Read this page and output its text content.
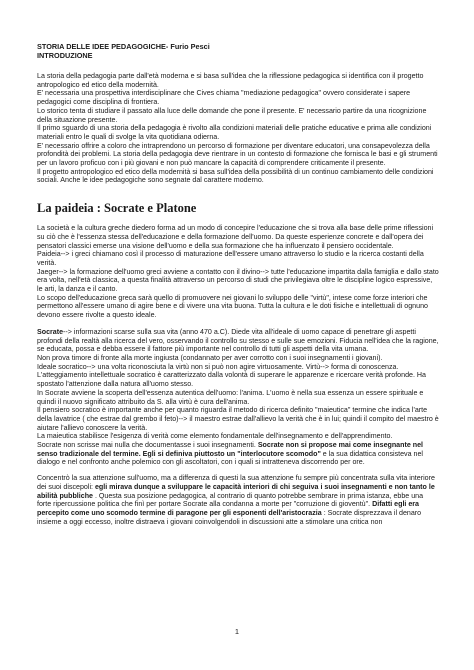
STORIA DELLE IDEE PEDAGOGICHE- Furio Pesci

INTRODUZIONE

La storia della pedagogia parte dall'età moderna e si basa sull'idea che la riflessione pedagogica si identifica con il progetto antropologico ed etico della modernità.

E' necessaria una prospettiva interdisciplinare che Cives chiama "mediazione pedagogica" ovvero considerate i sapere pedagogici come disciplina di frontiera.

Lo storico tenta di studiare il passato alla luce delle domande che pone il presente. E' necessario partire da una ricognizione della situazione presente.

Il primo sguardo di una storia della pedagogia è rivolto alla condizioni materiali delle pratiche educative e prima alle condizioni materiali entro le quali di svolge la vita quotidiana odierna.

E' necessario offrire a coloro che intraprendono un percorso di formazione per diventare educatori, una consapevolezza della profondità dei problemi. La storia della pedagogia deve rientrare in un contesto di formazione che fornisca le basi e gli strumenti per un lavoro proficuo con i più giovani e non può mancare la capacità di comprendere criticamente il presente.

Il progetto antropologico ed etico della modernità si basa sull'idea della possibilità di un continuo cambiamento delle condizioni sociali. Anche le idee pedagogiche sono segnate dal carattere moderno.

La paideia : Socrate e Platone

La società e la cultura greche diedero forma ad un modo di concepire l'educazione che si trova alla base delle prime riflessioni su ciò che è l'essenza stessa dell'educazione e della formazione dell'uomo. Da queste esperienze concrete e dall'opera dei pensatori classici emerse una visione dell'uomo e della sua formazione che ha influenzato il pensiero occidentale.

Paideia--> i greci chiamano così il processo di maturazione dell'essere umano attraverso lo studio e la ricerca costanti della verità.

Jaeger--> la formazione dell'uomo greci avviene a contatto con il divino--> tutte l'educazione impartita dalla famiglia e dallo stato era volta, nell'età classica, a questa finalità attraverso un percorso di studi che privilegiava oltre le discipline logico espressive, le arti, la danza e il canto.

Lo scopo dell'educazione greca sarà quello di promuovere nei giovani lo sviluppo delle "virtù", intese come forze interiori che permettono all'essere umano di agire bene e di vivere una vita buona. Tutta la cultura e le doti fisiche e intellettuali di ognuno devono essere rivolte a questo ideale.

Socrate--> informazioni scarse sulla sua vita (anno 470 a.C). Diede vita all'ideale di uomo capace di penetrare gli aspetti profondi della realtà alla ricerca del vero, osservando il controllo su stesso e sulle sue emozioni. Fiducia nell'idea che la ragione, se educata, possa e debba essere il fattore più importante nel controllo di tutti gli aspetti della vita umana.

Non prova timore di fronte alla morte ingiusta (condannato per aver corrotto con i suoi insegnamenti i giovani).

Ideale socratico--> una volta riconosciuta la virtù non si può non agire virtuosamente. Virtù--> forma di conoscenza. L'atteggiamento intellettuale socratico è caratterizzato dalla volontà di superare le apparenze e ricercare verità profonde. Ha spostato l'attenzione dalla natura all'uomo stesso.

In Socrate avviene la scoperta dell'essenza autentica dell'uomo: l'anima. L'uomo è nella sua essenza un essere spirituale e quindi il nuovo significato attribuito da S. alla virtù è cura dell'anima.

Il pensiero socratico è importante anche per quanto riguarda il metodo di ricerca definito "maieutica" termine che indica l'arte della lavatrice ( che estrae dal grembo il feto)--> il maestro estrae dall'allievo la verità che è in lui; quindi il compito del maestro è aiutare l'allievo conoscere la verità.

La maieutica stabilisce l'esigenza di verità come elemento fondamentale dell'insegnamento e dell'apprendimento.

Socrate non scrisse mai nulla che documentasse i suoi insegnamenti. Socrate non si propose mai come insegnante nel senso tradizionale del termine. Egli si definiva piuttosto un "interlocutore scomodo" e la sua didattica consisteva nel dialogo e nel confronto anche polemico con gli ascoltatori, con i quali si intratteneva discorrendo per ore.

Concentrò la sua attenzione sull'uomo, ma a differenza di questi la sua attenzione fu sempre più concentrata sulla vita interiore dei suoi discepoli: egli mirava dunque a sviluppare le capacità interiori di chi seguiva i suoi insegnamenti e non tanto le abilità pubbliche . Questa sua posizione pedagogica, al contrario di quanto potrebbe sembrare in prima istanza, ebbe una forte ripercussione politica che finì per portare Socrate alla condanna a morte per "corruzione di gioventù". Difatti egli era percepito come uno scomodo termine di paragone per gli esponenti dell'aristocrazia : Socrate disprezzava il denaro insieme a oggi eccesso, inoltre distraeva i giovani coinvolgendoli in discussioni atte a stimolare una critica non

1
